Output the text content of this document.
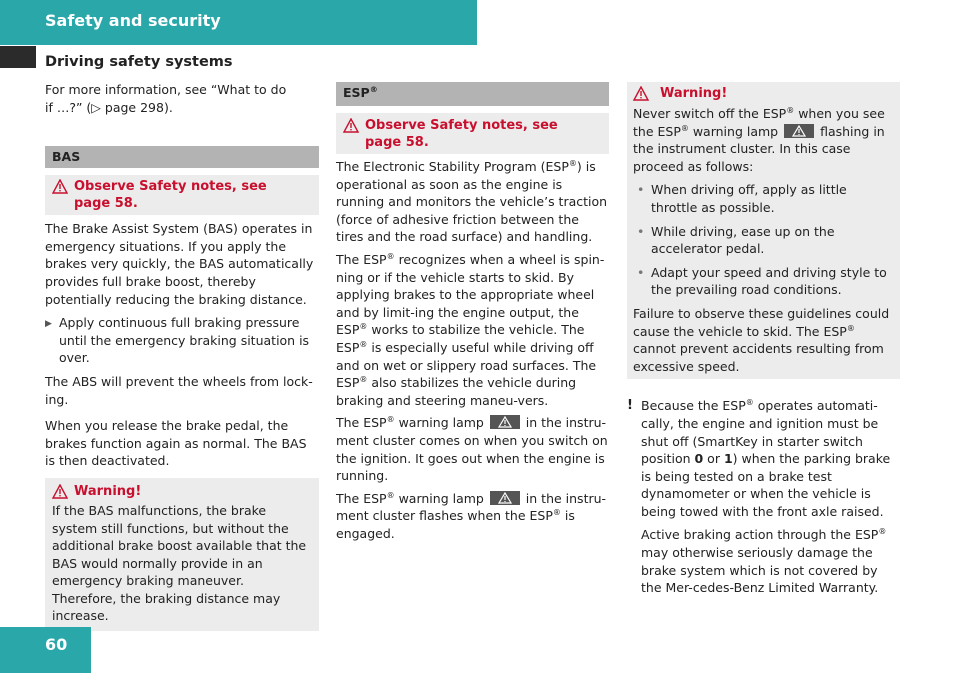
Safety and security
Driving safety systems

For more information, see “What to do
if …?” (▷ page 298).

BAS
Observe Safety notes, see
page 58.

The Brake Assist System (BAS) operates in emergency situations. If you apply the brakes very quickly, the BAS automatically provides full brake boost, thereby potentially reducing the braking distance.

▶ Apply continuous full braking pressure until the emergency braking situation is over.

The ABS will prevent the wheels from lock-ing.

When you release the brake pedal, the brakes function again as normal. The BAS is then deactivated.

Warning!
If the BAS malfunctions, the brake system still functions, but without the additional brake boost available that the BAS would normally provide in an emergency braking maneuver. Therefore, the braking distance may increase.
ESP®
Observe Safety notes, see
page 58.

The Electronic Stability Program (ESP®) is operational as soon as the engine is running and monitors the vehicle’s traction (force of adhesive friction between the tires and the road surface) and handling.

The ESP® recognizes when a wheel is spin-ning or if the vehicle starts to skid. By applying brakes to the appropriate wheel and by limit-ing the engine output, the ESP® works to stabilize the vehicle. The ESP® is especially useful while driving off and on wet or slippery road surfaces. The ESP® also stabilizes the vehicle during braking and steering maneu-vers.

The ESP® warning lamp	in the instru-ment cluster comes on when you switch on the ignition. It goes out when the engine is running.

The ESP® warning lamp	in the instru-ment cluster flashes when the ESP® is engaged.

Warning!

Never switch off the ESP® when you see the ESP® warning lamp	flashing in the instrument cluster. In this case proceed as follows:

• When driving off, apply as little throttle as possible.
• While driving, ease up on the accelerator pedal.
• Adapt your speed and driving style to the prevailing road conditions.

Failure to observe these guidelines could cause the vehicle to skid. The ESP® cannot prevent accidents resulting from excessive speed.

! Because the ESP® operates automati-cally, the engine and ignition must be shut off (SmartKey in starter switch position 0 or 1) when the parking brake is being tested on a brake test dynamometer or when the vehicle is being towed with the front axle raised.

Active braking action through the ESP® may otherwise seriously damage the brake system which is not covered by the Mer-cedes-Benz Limited Warranty.

60
